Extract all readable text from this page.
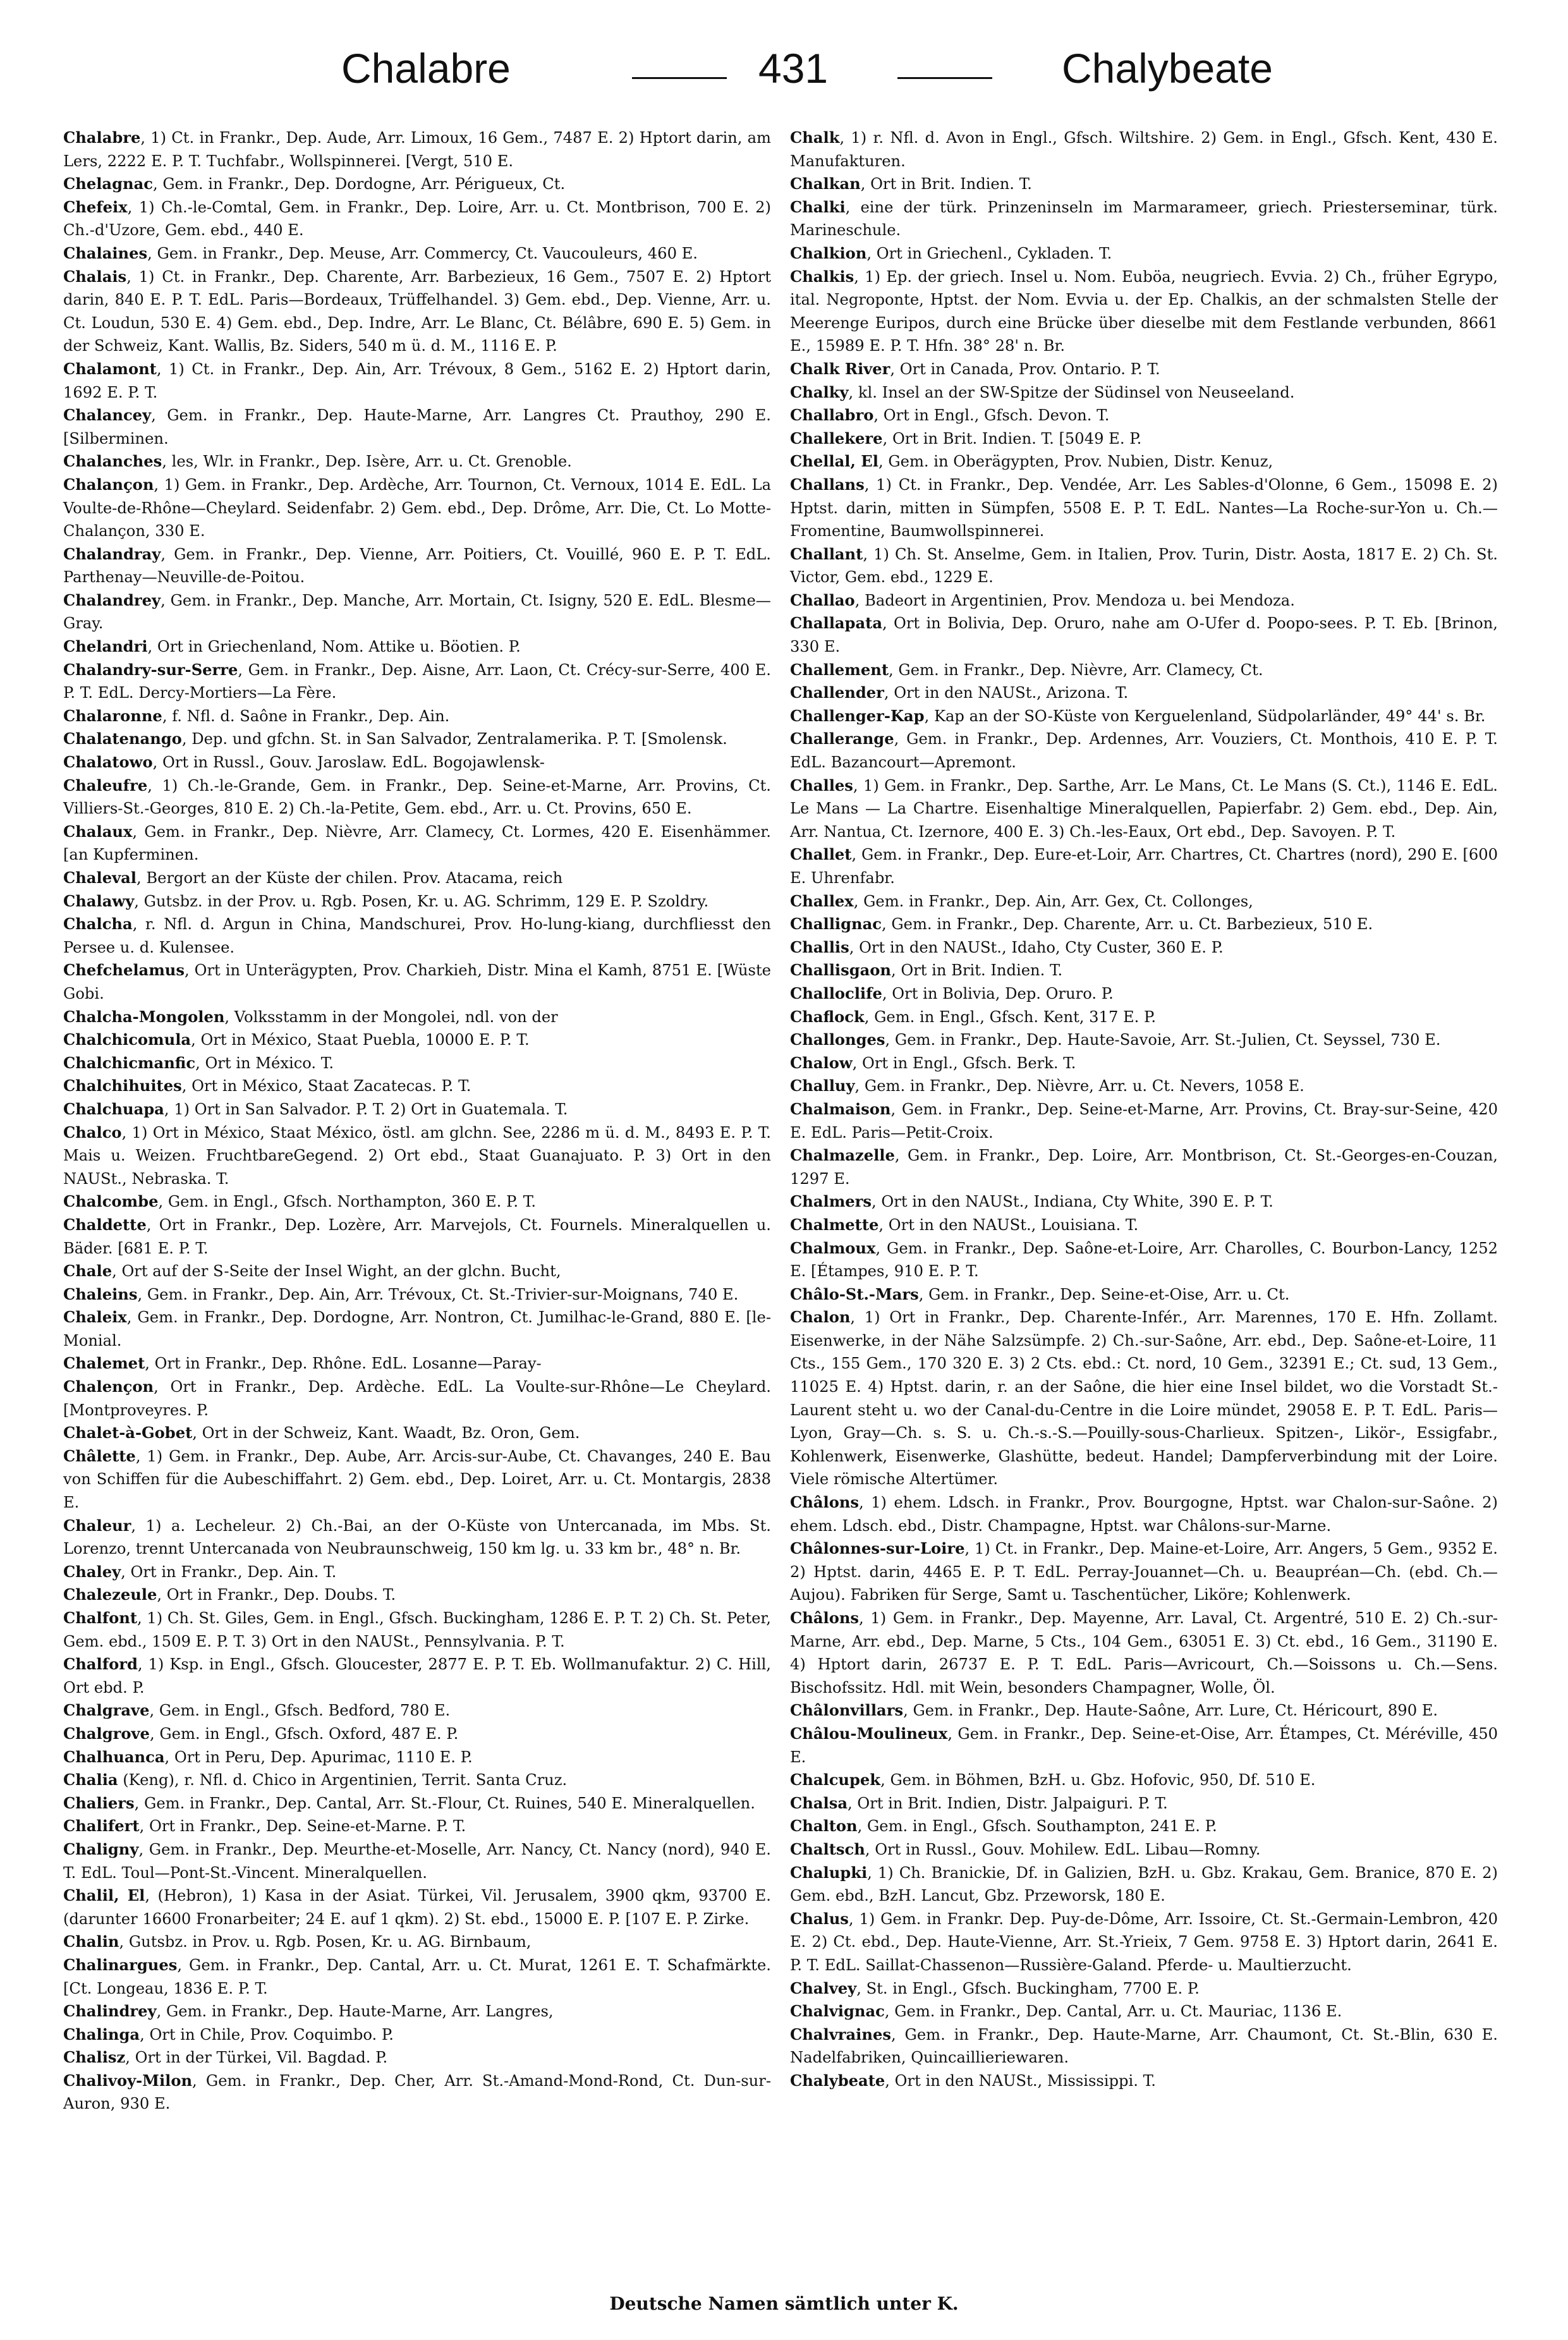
Chalabre	431	Chalybeate

Chalabre, 1) Ct. in Frankr., Dep. Aude, Arr. Limoux, 16 Gem., 7487 E. 2) Hptort darin, am Lers, 2222 E. P. T. Tuchfabr., Wollspinnerei. [Vergt, 510 E.

Chelagnac, Gem. in Frankr., Dep. Dordogne, Arr. Périgueux, Ct.

Chefeix, 1) Ch.-le-Comtal, Gem. in Frankr., Dep. Loire, Arr. u. Ct. Montbrison, 700 E. 2) Ch.-d'Uzore, Gem. ebd., 440 E.

Chalaines, Gem. in Frankr., Dep. Meuse, Arr. Commercy, Ct. Vaucouleurs, 460 E.

Chalais, 1) Ct. in Frankr., Dep. Charente, Arr. Barbezieux, 16 Gem., 7507 E. 2) Hptort darin, 840 E. P. T. EdL. Paris—Bordeaux, Trüffelhandel. 3) Gem. ebd., Dep. Vienne, Arr. u. Ct. Loudun, 530 E. 4) Gem. ebd., Dep. Indre, Arr. Le Blanc, Ct. Bélâbre, 690 E. 5) Gem. in der Schweiz, Kant. Wallis, Bz. Siders, 540 m ü. d. M., 1116 E. P.

Chalamont, 1) Ct. in Frankr., Dep. Ain, Arr. Trévoux, 8 Gem., 5162 E. 2) Hptort darin, 1692 E. P. T.

Chalancey, Gem. in Frankr., Dep. Haute-Marne, Arr. Langres Ct. Prauthoy, 290 E. [Silberminen.

Chalanches, les, Wlr. in Frankr., Dep. Isère, Arr. u. Ct. Grenoble.

Chalançon, 1) Gem. in Frankr., Dep. Ardèche, Arr. Tournon, Ct. Vernoux, 1014 E. EdL. La Voulte-de-Rhône—Cheylard. Seidenfabr. 2) Gem. ebd., Dep. Drôme, Arr. Die, Ct. Lo Motte-Chalançon, 330 E.

Chalandray, Gem. in Frankr., Dep. Vienne, Arr. Poitiers, Ct. Vouillé, 960 E. P. T. EdL. Parthenay—Neuville-de-Poitou.

Chalandrey, Gem. in Frankr., Dep. Manche, Arr. Mortain, Ct. Isigny, 520 E. EdL. Blesme—Gray.

Chelandri, Ort in Griechenland, Nom. Attike u. Böotien. P.

Chalandry-sur-Serre, Gem. in Frankr., Dep. Aisne, Arr. Laon, Ct. Crécy-sur-Serre, 400 E. P. T. EdL. Dercy-Mortiers—La Fère.

Chalaronne, f. Nfl. d. Saône in Frankr., Dep. Ain.

Chalatenango, Dep. und gfchn. St. in San Salvador, Zentralamerika. P. T. [Smolensk.

Chalatowo, Ort in Russl., Gouv. Jaroslaw. EdL. Bogojawlensk-

Chaleufre, 1) Ch.-le-Grande, Gem. in Frankr., Dep. Seine-et-Marne, Arr. Provins, Ct. Villiers-St.-Georges, 810 E. 2) Ch.-la-Petite, Gem. ebd., Arr. u. Ct. Provins, 650 E.

Chalaux, Gem. in Frankr., Dep. Nièvre, Arr. Clamecy, Ct. Lormes, 420 E. Eisenhämmer. [an Kupferminen.

Chaleval, Bergort an der Küste der chilen. Prov. Atacama, reich

Chalawy, Gutsbz. in der Prov. u. Rgb. Posen, Kr. u. AG. Schrimm, 129 E. P. Szoldry.

Chalcha, r. Nfl. d. Argun in China, Mandschurei, Prov. Ho-lung-kiang, durchfliesst den Persee u. d. Kulensee.

Chefchelamus, Ort in Unterägypten, Prov. Charkieh, Distr. Mina el Kamh, 8751 E. [Wüste Gobi.

Chalcha-Mongolen, Volksstamm in der Mongolei, ndl. von der

Chalchicomula, Ort in México, Staat Puebla, 10000 E. P. T.

Chalchicmanfic, Ort in México. T.

Chalchihuites, Ort in México, Staat Zacatecas. P. T.

Chalchuapa, 1) Ort in San Salvador. P. T. 2) Ort in Guatemala. T.

Chalco, 1) Ort in México, Staat México, östl. am glchn. See, 2286 m ü. d. M., 8493 E. P. T. Mais u. Weizen. FruchtbareGegend. 2) Ort ebd., Staat Guanajuato. P. 3) Ort in den NAUSt., Nebraska. T.

Chalcombe, Gem. in Engl., Gfsch. Northampton, 360 E. P. T.

Chaldette, Ort in Frankr., Dep. Lozère, Arr. Marvejols, Ct. Fournels. Mineralquellen u. Bäder. [681 E. P. T.

Chale, Ort auf der S-Seite der Insel Wight, an der glchn. Bucht,

Chaleins, Gem. in Frankr., Dep. Ain, Arr. Trévoux, Ct. St.-Trivier-sur-Moignans, 740 E.

Chaleix, Gem. in Frankr., Dep. Dordogne, Arr. Nontron, Ct. Jumilhac-le-Grand, 880 E. [le-Monial.

Chalemet, Ort in Frankr., Dep. Rhône. EdL. Losanne—Paray-

Chalençon, Ort in Frankr., Dep. Ardèche. EdL. La Voulte-sur-Rhône—Le Cheylard. [Montproveyres. P.

Chalet-à-Gobet, Ort in der Schweiz, Kant. Waadt, Bz. Oron, Gem.

Châlette, 1) Gem. in Frankr., Dep. Aube, Arr. Arcis-sur-Aube, Ct. Chavanges, 240 E. Bau von Schiffen für die Aubeschiffahrt. 2) Gem. ebd., Dep. Loiret, Arr. u. Ct. Montargis, 2838 E.

Chaleur, 1) a. Lecheleur. 2) Ch.-Bai, an der O-Küste von Untercanada, im Mbs. St. Lorenzo, trennt Untercanada von Neubraunschweig, 150 km lg. u. 33 km br., 48° n. Br.

Chaley, Ort in Frankr., Dep. Ain. T.

Chalezeule, Ort in Frankr., Dep. Doubs. T.

Chalfont, 1) Ch. St. Giles, Gem. in Engl., Gfsch. Buckingham, 1286 E. P. T. 2) Ch. St. Peter, Gem. ebd., 1509 E. P. T. 3) Ort in den NAUSt., Pennsylvania. P. T.

Chalford, 1) Ksp. in Engl., Gfsch. Gloucester, 2877 E. P. T. Eb. Wollmanufaktur. 2) C. Hill, Ort ebd. P.

Chalgrave, Gem. in Engl., Gfsch. Bedford, 780 E.

Chalgrove, Gem. in Engl., Gfsch. Oxford, 487 E. P.

Chalhuanca, Ort in Peru, Dep. Apurimac, 1110 E. P.

Chalia (Keng), r. Nfl. d. Chico in Argentinien, Territ. Santa Cruz.

Chaliers, Gem. in Frankr., Dep. Cantal, Arr. St.-Flour, Ct. Ruines, 540 E. Mineralquellen.

Chalifert, Ort in Frankr., Dep. Seine-et-Marne. P. T.

Chaligny, Gem. in Frankr., Dep. Meurthe-et-Moselle, Arr. Nancy, Ct. Nancy (nord), 940 E. T. EdL. Toul—Pont-St.-Vincent. Mineralquellen.

Chalil, El, (Hebron), 1) Kasa in der Asiat. Türkei, Vil. Jerusalem, 3900 qkm, 93700 E. (darunter 16600 Fronarbeiter; 24 E. auf 1 qkm). 2) St. ebd., 15000 E. P. [107 E. P. Zirke.

Chalin, Gutsbz. in Prov. u. Rgb. Posen, Kr. u. AG. Birnbaum,

Chalinargues, Gem. in Frankr., Dep. Cantal, Arr. u. Ct. Murat, 1261 E. T. Schafmärkte. [Ct. Longeau, 1836 E. P. T.

Chalindrey, Gem. in Frankr., Dep. Haute-Marne, Arr. Langres,

Chalinga, Ort in Chile, Prov. Coquimbo. P.

Chalisz, Ort in der Türkei, Vil. Bagdad. P.

Chalivoy-Milon, Gem. in Frankr., Dep. Cher, Arr. St.-Amand-Mond-Rond, Ct. Dun-sur-Auron, 930 E.

Chalk, 1) r. Nfl. d. Avon in Engl., Gfsch. Wiltshire. 2) Gem. in Engl., Gfsch. Kent, 430 E. Manufakturen.

Chalkan, Ort in Brit. Indien. T.

Chalki, eine der türk. Prinzeninseln im Marmarameer, griech. Priesterseminar, türk. Marineschule.

Chalkion, Ort in Griechenl., Cykladen. T.

Chalkis, 1) Ep. der griech. Insel u. Nom. Euböa, neugriech. Evvia. 2) Ch., früher Egrypo, ital. Negroponte, Hptst. der Nom. Evvia u. der Ep. Chalkis, an der schmalsten Stelle der Meerenge Euripos, durch eine Brücke über dieselbe mit dem Festlande verbunden, 8661 E., 15989 E. P. T. Hfn. 38° 28' n. Br.

Chalk River, Ort in Canada, Prov. Ontario. P. T.

Chalky, kl. Insel an der SW-Spitze der Südinsel von Neuseeland.

Challabro, Ort in Engl., Gfsch. Devon. T.

Challekere, Ort in Brit. Indien. T. [5049 E. P.

Chellal, El, Gem. in Oberägypten, Prov. Nubien, Distr. Kenuz,

Challans, 1) Ct. in Frankr., Dep. Vendée, Arr. Les Sables-d'Olonne, 6 Gem., 15098 E. 2) Hptst. darin, mitten in Sümpfen, 5508 E. P. T. EdL. Nantes—La Roche-sur-Yon u. Ch.—Fromentine, Baumwollspinnerei.

Challant, 1) Ch. St. Anselme, Gem. in Italien, Prov. Turin, Distr. Aosta, 1817 E. 2) Ch. St. Victor, Gem. ebd., 1229 E.

Challao, Badeort in Argentinien, Prov. Mendoza u. bei Mendoza.

Challapata, Ort in Bolivia, Dep. Oruro, nahe am O-Ufer d. Poopo-sees. P. T. Eb. [Brinon, 330 E.

Challement, Gem. in Frankr., Dep. Nièvre, Arr. Clamecy, Ct.

Challender, Ort in den NAUSt., Arizona. T.

Challenger-Kap, Kap an der SO-Küste von Kerguelenland, Südpolarländer, 49° 44' s. Br.

Challerange, Gem. in Frankr., Dep. Ardennes, Arr. Vouziers, Ct. Monthois, 410 E. P. T. EdL. Bazancourt—Apremont.

Challes, 1) Gem. in Frankr., Dep. Sarthe, Arr. Le Mans, Ct. Le Mans (S. Ct.), 1146 E. EdL. Le Mans — La Chartre. Eisenhaltige Mineralquellen, Papierfabr. 2) Gem. ebd., Dep. Ain, Arr. Nantua, Ct. Izernore, 400 E. 3) Ch.-les-Eaux, Ort ebd., Dep. Savoyen. P. T.

Challet, Gem. in Frankr., Dep. Eure-et-Loir, Arr. Chartres, Ct. Chartres (nord), 290 E. [600 E. Uhrenfabr.

Challex, Gem. in Frankr., Dep. Ain, Arr. Gex, Ct. Collonges,

Challignac, Gem. in Frankr., Dep. Charente, Arr. u. Ct. Barbezieux, 510 E.

Challis, Ort in den NAUSt., Idaho, Cty Custer, 360 E. P.

Challisgaon, Ort in Brit. Indien. T.

Challoclife, Ort in Bolivia, Dep. Oruro. P.

Chaflock, Gem. in Engl., Gfsch. Kent, 317 E. P.

Challonges, Gem. in Frankr., Dep. Haute-Savoie, Arr. St.-Julien, Ct. Seyssel, 730 E.

Chalow, Ort in Engl., Gfsch. Berk. T.

Challuy, Gem. in Frankr., Dep. Nièvre, Arr. u. Ct. Nevers, 1058 E.

Chalmaison, Gem. in Frankr., Dep. Seine-et-Marne, Arr. Provins, Ct. Bray-sur-Seine, 420 E. EdL. Paris—Petit-Croix.

Chalmazelle, Gem. in Frankr., Dep. Loire, Arr. Montbrison, Ct. St.-Georges-en-Couzan, 1297 E.

Chalmers, Ort in den NAUSt., Indiana, Cty White, 390 E. P. T.

Chalmette, Ort in den NAUSt., Louisiana. T.

Chalmoux, Gem. in Frankr., Dep. Saône-et-Loire, Arr. Charolles, C. Bourbon-Lancy, 1252 E. [Étampes, 910 E. P. T.

Châlo-St.-Mars, Gem. in Frankr., Dep. Seine-et-Oise, Arr. u. Ct.

Chalon, 1) Ort in Frankr., Dep. Charente-Infér., Arr. Marennes, 170 E. Hfn. Zollamt. Eisenwerke, in der Nähe Salzsümpfe. 2) Ch.-sur-Saône, Arr. ebd., Dep. Saône-et-Loire, 11 Cts., 155 Gem., 170 320 E. 3) 2 Cts. ebd.: Ct. nord, 10 Gem., 32391 E.; Ct. sud, 13 Gem., 11025 E. 4) Hptst. darin, r. an der Saône, die hier eine Insel bildet, wo die Vorstadt St.-Laurent steht u. wo der Canal-du-Centre in die Loire mündet, 29058 E. P. T. EdL. Paris—Lyon, Gray—Ch. s. S. u. Ch.-s.-S.—Pouilly-sous-Charlieux. Spitzen-, Likör-, Essigfabr., Kohlenwerk, Eisenwerke, Glashütte, bedeut. Handel; Dampferverbindung mit der Loire. Viele römische Altertümer.

Châlons, 1) ehem. Ldsch. in Frankr., Prov. Bourgogne, Hptst. war Chalon-sur-Saône. 2) ehem. Ldsch. ebd., Distr. Champagne, Hptst. war Châlons-sur-Marne.

Châlonnes-sur-Loire, 1) Ct. in Frankr., Dep. Maine-et-Loire, Arr. Angers, 5 Gem., 9352 E. 2) Hptst. darin, 4465 E. P. T. EdL. Perray-Jouannet—Ch. u. Beaupréan—Ch. (ebd. Ch.—Aujou). Fabriken für Serge, Samt u. Taschentücher, Liköre; Kohlenwerk.

Châlons, 1) Gem. in Frankr., Dep. Mayenne, Arr. Laval, Ct. Argentré, 510 E. 2) Ch.-sur-Marne, Arr. ebd., Dep. Marne, 5 Cts., 104 Gem., 63051 E. 3) Ct. ebd., 16 Gem., 31190 E. 4) Hptort darin, 26737 E. P. T. EdL. Paris—Avricourt, Ch.—Soissons u. Ch.—Sens. Bischofssitz. Hdl. mit Wein, besonders Champagner, Wolle, Öl.

Châlonvillars, Gem. in Frankr., Dep. Haute-Saône, Arr. Lure, Ct. Héricourt, 890 E.

Châlou-Moulineux, Gem. in Frankr., Dep. Seine-et-Oise, Arr. Étampes, Ct. Méréville, 450 E.

Chalcupek, Gem. in Böhmen, BzH. u. Gbz. Hofovic, 950, Df. 510 E.

Chalsa, Ort in Brit. Indien, Distr. Jalpaiguri. P. T.

Chalton, Gem. in Engl., Gfsch. Southampton, 241 E. P.

Chaltsch, Ort in Russl., Gouv. Mohilew. EdL. Libau—Romny.

Chalupki, 1) Ch. Branickie, Df. in Galizien, BzH. u. Gbz. Krakau, Gem. Branice, 870 E. 2) Gem. ebd., BzH. Lancut, Gbz. Przeworsk, 180 E.

Chalus, 1) Gem. in Frankr. Dep. Puy-de-Dôme, Arr. Issoire, Ct. St.-Germain-Lembron, 420 E. 2) Ct. ebd., Dep. Haute-Vienne, Arr. St.-Yrieix, 7 Gem. 9758 E. 3) Hptort darin, 2641 E. P. T. EdL. Saillat-Chassenon—Russière-Galand. Pferde- u. Maultierzucht.

Chalvey, St. in Engl., Gfsch. Buckingham, 7700 E. P.

Chalvignac, Gem. in Frankr., Dep. Cantal, Arr. u. Ct. Mauriac, 1136 E.

Chalvraines, Gem. in Frankr., Dep. Haute-Marne, Arr. Chaumont, Ct. St.-Blin, 630 E. Nadelfabriken, Quincaillieriewaren.

Chalybeate, Ort in den NAUSt., Mississippi. T.

Deutsche Namen sämtlich unter K.
